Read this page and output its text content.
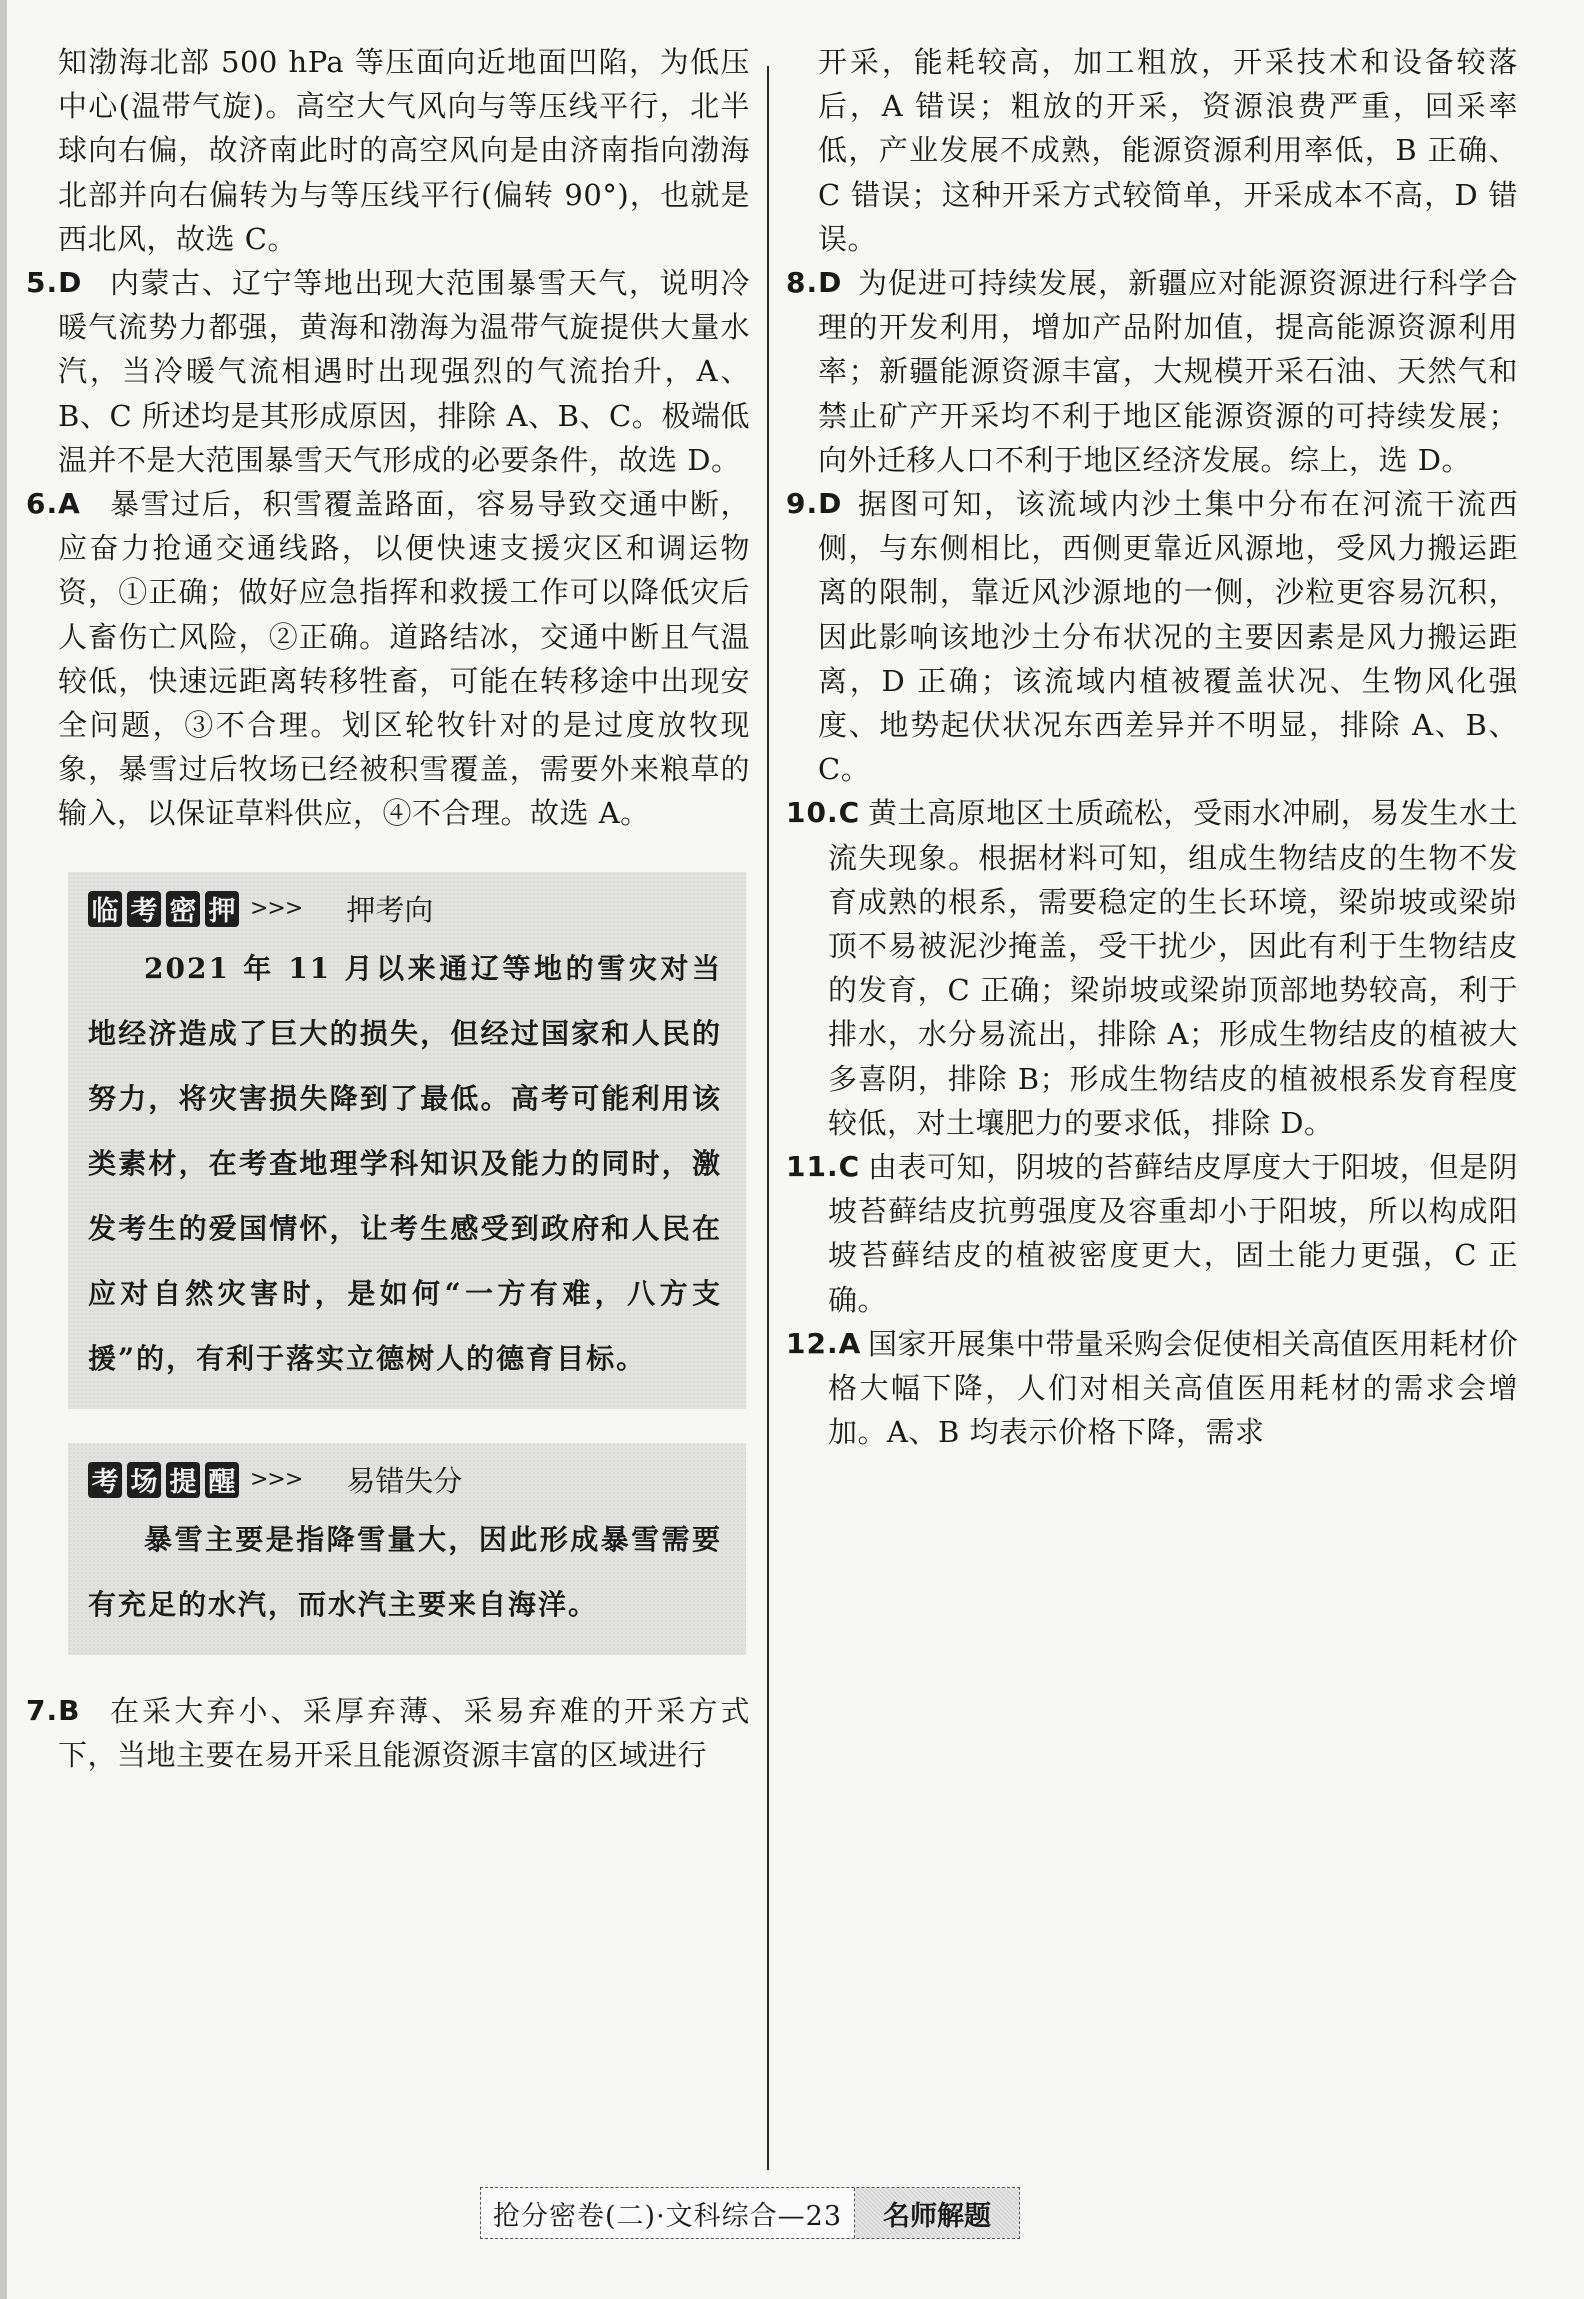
知渤海北部 500 hPa 等压面向近地面凹陷，为低压中心(温带气旋)。高空大气风向与等压线平行，北半球向右偏，故济南此时的高空风向是由济南指向渤海北部并向右偏转为与等压线平行(偏转 90°)，也就是西北风，故选 C。

5.D 内蒙古、辽宁等地出现大范围暴雪天气，说明冷暖气流势力都强，黄海和渤海为温带气旋提供大量水汽，当冷暖气流相遇时出现强烈的气流抬升，A、B、C 所述均是其形成原因，排除 A、B、C。极端低温并不是大范围暴雪天气形成的必要条件，故选 D。
6.A	暴雪过后，积雪覆盖路面，容易导致交通中断，应奋力抢通交通线路，以便快速支援灾区和调运物资，①正确；做好应急指挥和救援工作可以降低灾后人畜伤亡风险，②正确。道路结冰，交通中断且气温较低，快速远距离转移牲畜，可能在转移途中出现安全问题，③不合理。划区轮牧针对的是过度放牧现象，暴雪过后牧场已经被积雪覆盖，需要外来粮草的输入，以保证草料供应，④不合理。故选 A。
临 考 密 押 >>> 押考向
2021 年 11 月以来通辽等地的雪灾对当地经济造成了巨大的损失，但经过国家和人民的努力，将灾害损失降到了最低。高考可能利用该类素材，在考查地理学科知识及能力的同时，激发考生的爱国情怀，让考生感受到政府和人民在应对自然灾害时，是如何“一方有难，八方支援”的，有利于落实立德树人的德育目标。
考 场 提 醒 >>> 易错失分
暴雪主要是指降雪量大，因此形成暴雪需要有充足的水汽，而水汽主要来自海洋。
7.B	在采大弃小、采厚弃薄、采易弃难的开采方式下，当地主要在易开采且能源资源丰富的区域进行

开采，能耗较高，加工粗放，开采技术和设备较落后，A 错误；粗放的开采，资源浪费严重，回采率低，产业发展不成熟，能源资源利用率低，B 正确、C 错误；这种开采方式较简单，开采成本不高，D 错误。

8.D 为促进可持续发展，新疆应对能源资源进行科学合理的开发利用，增加产品附加值，提高能源资源利用率；新疆能源资源丰富，大规模开采石油、天然气和禁止矿产开采均不利于地区能源资源的可持续发展；向外迁移人口不利于地区经济发展。综上，选 D。
9.D 据图可知，该流域内沙土集中分布在河流干流西侧，与东侧相比，西侧更靠近风源地，受风力搬运距离的限制，靠近风沙源地的一侧，沙粒更容易沉积，因此影响该地沙土分布状况的主要因素是风力搬运距离，D 正确；该流域内植被覆盖状况、生物风化强度、地势起伏状况东西差异并不明显，排除 A、B、C。
10.C 黄土高原地区土质疏松，受雨水冲刷，易发生水土流失现象。根据材料可知，组成生物结皮的生物不发育成熟的根系，需要稳定的生长环境，梁峁坡或梁峁顶不易被泥沙掩盖，受干扰少，因此有利于生物结皮的发育，C 正确；梁峁坡或梁峁顶部地势较高，利于排水，水分易流出，排除 A；形成生物结皮的植被大多喜阴，排除 B；形成生物结皮的植被根系发育程度较低，对土壤肥力的要求低，排除 D。
11.C 由表可知，阴坡的苔藓结皮厚度大于阳坡，但是阴坡苔藓结皮抗剪强度及容重却小于阳坡，所以构成阳坡苔藓结皮的植被密度更大，固土能力更强，C 正确。
12.A 国家开展集中带量采购会促使相关高值医用耗材价格大幅下降，人们对相关高值医用耗材的需求会增加。A、B 均表示价格下降，需求
抢分密卷(二)·文科综合—23	名师解题
